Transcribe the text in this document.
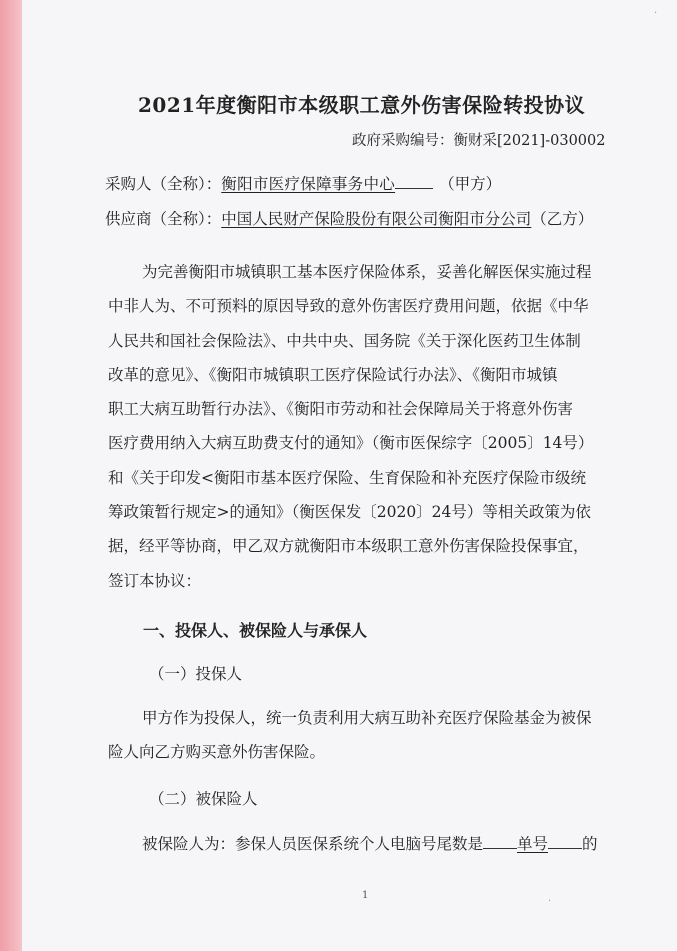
2021年度衡阳市本级职工意外伤害保险转投协议
政府采购编号：衡财采[2021]-030002
采购人（全称）：衡阳市医疗保障事务中心	（甲方）
供应商（全称）：中国人民财产保险股份有限公司衡阳市分公司（乙方）

为完善衡阳市城镇职工基本医疗保险体系，妥善化解医保实施过程

中非人为、不可预料的原因导致的意外伤害医疗费用问题，依据《中华

人民共和国社会保险法》、中共中央、国务院《关于深化医药卫生体制

改革的意见》、《衡阳市城镇职工医疗保险试行办法》、《衡阳市城镇

职工大病互助暂行办法》、《衡阳市劳动和社会保障局关于将意外伤害

医疗费用纳入大病互助费支付的通知》（衡市医保综字〔2005〕14号）

和《关于印发<衡阳市基本医疗保险、生育保险和补充医疗保险市级统

筹政策暂行规定>的通知》（衡医保发〔2020〕24号）等相关政策为依

据，经平等协商，甲乙双方就衡阳市本级职工意外伤害保险投保事宜，

签订本协议：

一、投保人、被保险人与承保人
（一）投保人

甲方作为投保人，统一负责利用大病互助补充医疗保险基金为被保

险人向乙方购买意外伤害保险。

（二）被保险人
被保险人为：参保人员医保系统个人电脑号尾数是 单号 的
1
·
·
